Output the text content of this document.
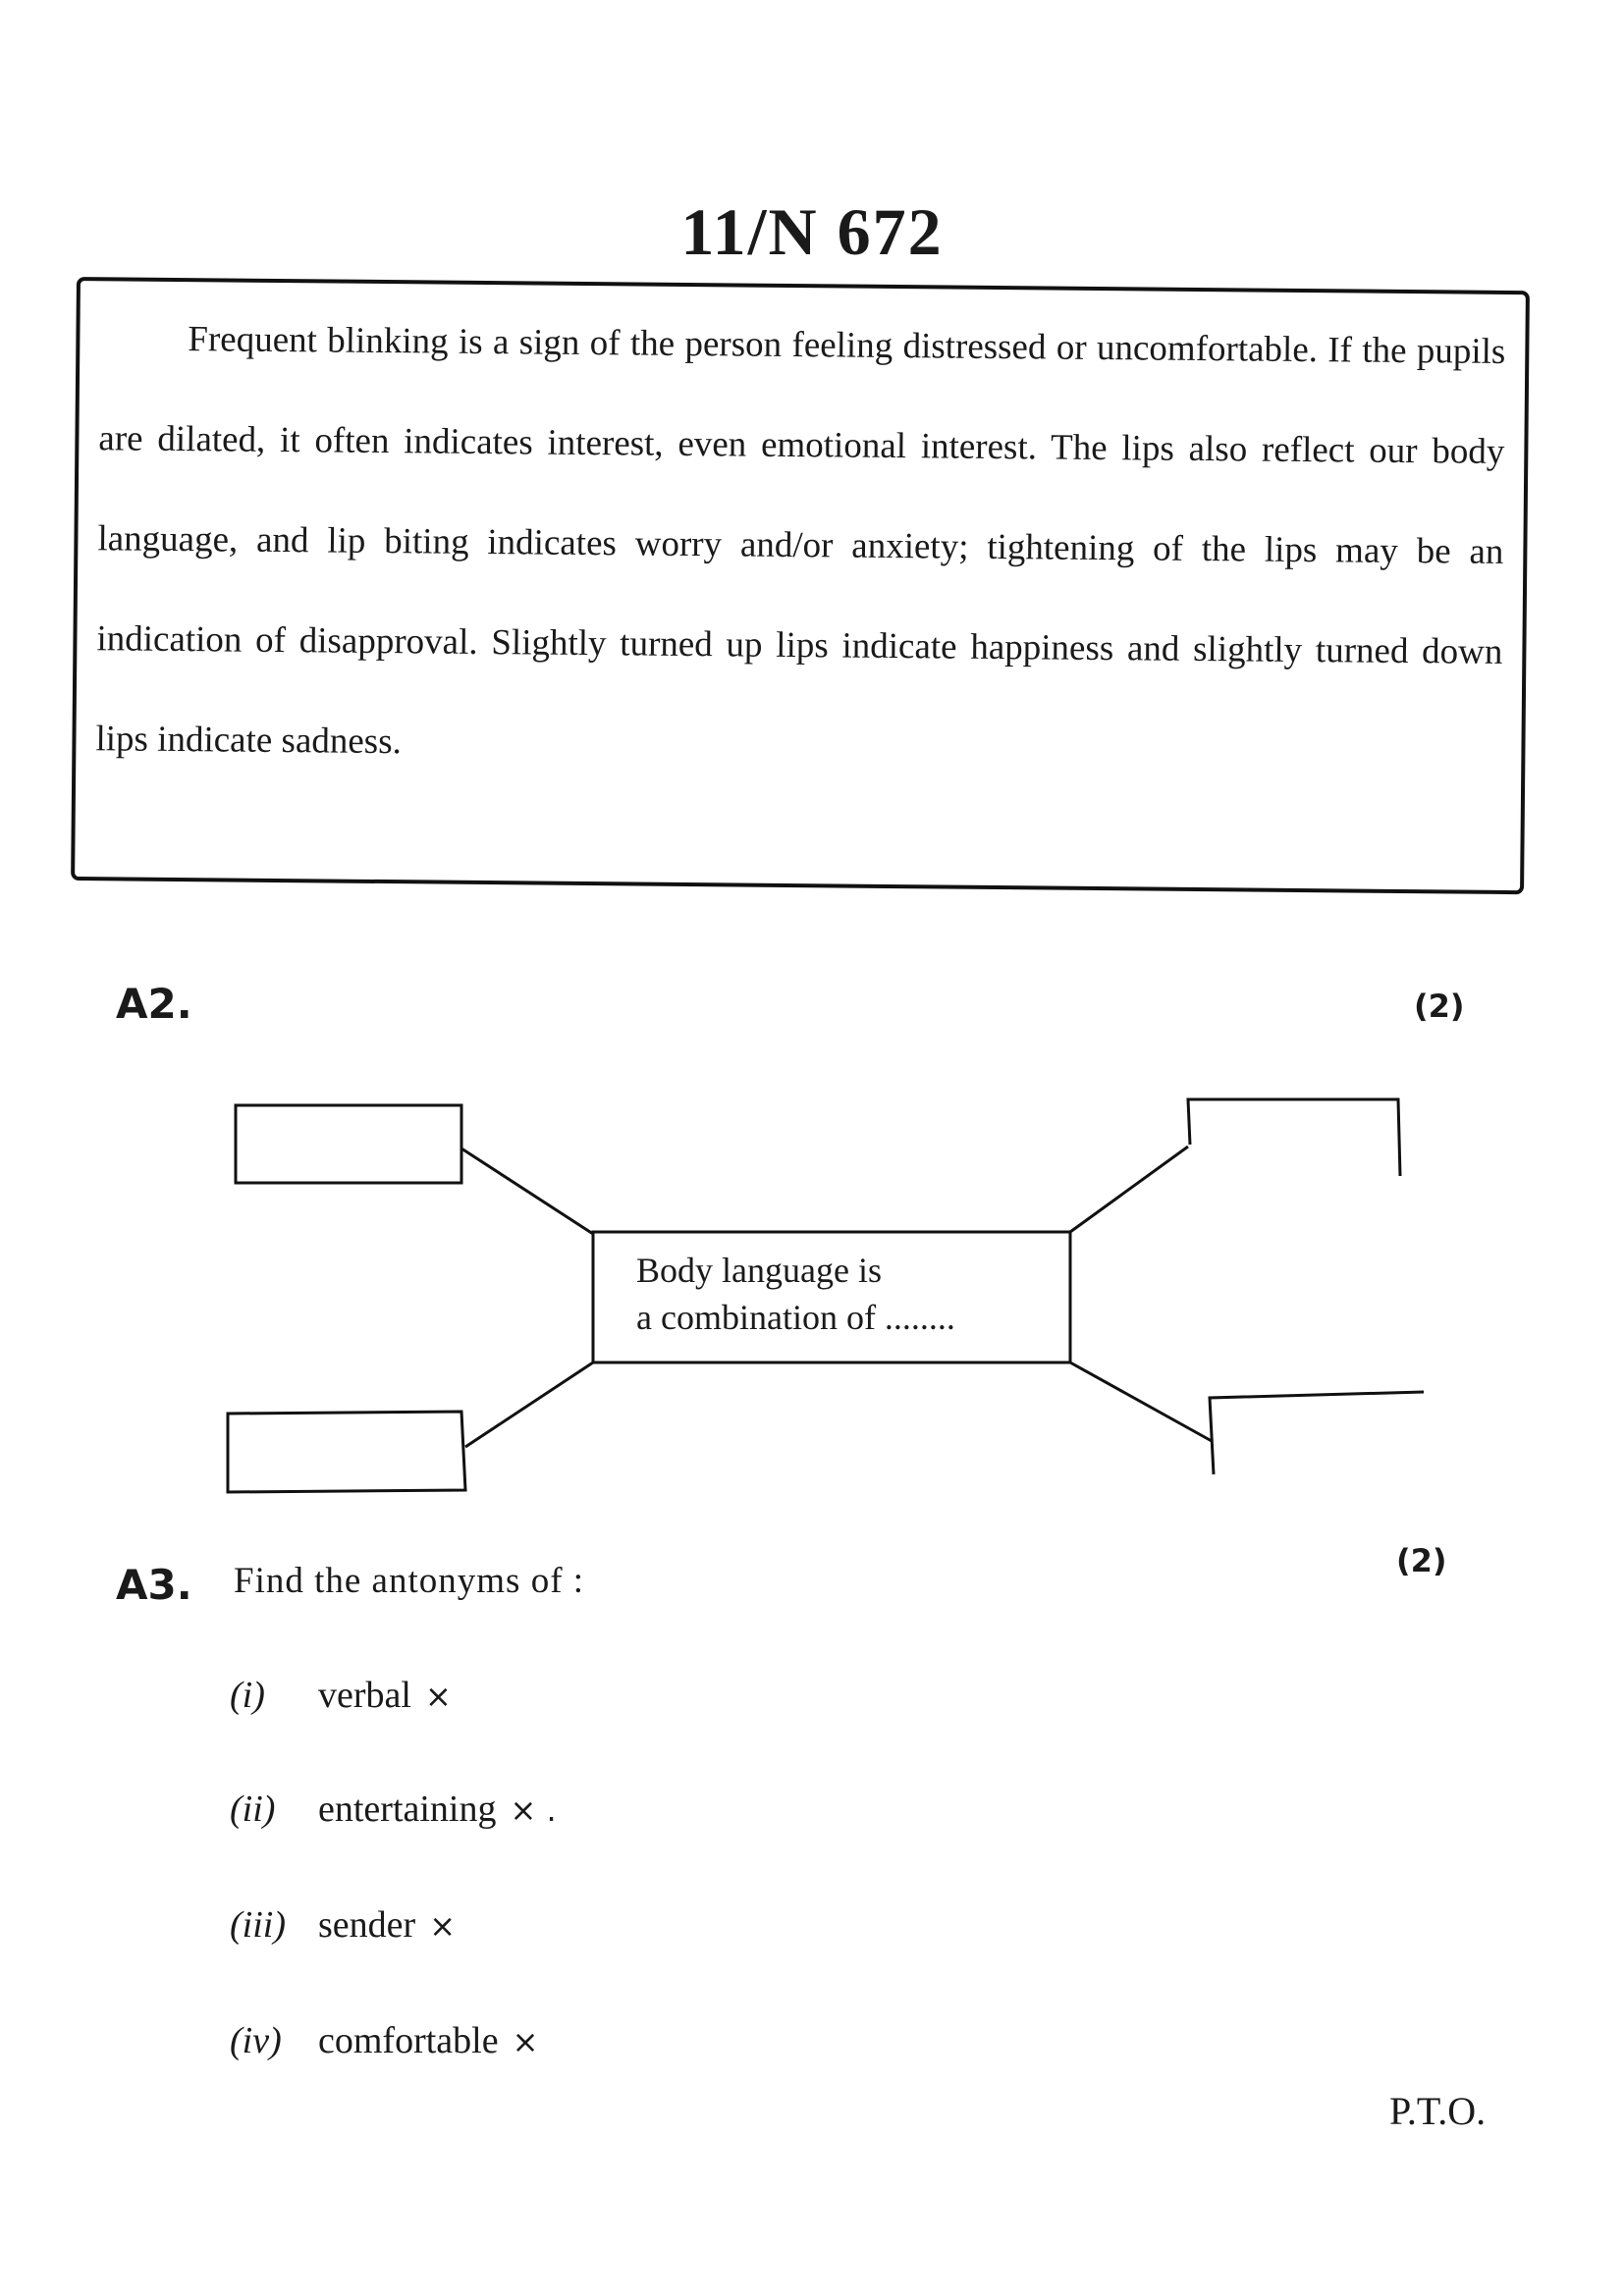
11/N 672

Frequent blinking is a sign of the person feeling distressed or uncomfortable. If the pupils are dilated, it often indicates interest, even emotional interest. The lips also reflect our body language, and lip biting indicates worry and/or anxiety; tightening of the lips may be an indication of disapproval. Slightly turned up lips indicate happiness and slightly turned down lips indicate sadness.

A2.	(2)
Body language is
a combination of ........
A3.	(2)
Find the antonyms of :
(i) verbal ×
(ii) entertaining × .
(iii) sender ×
(iv) comfortable ×
P.T.O.
